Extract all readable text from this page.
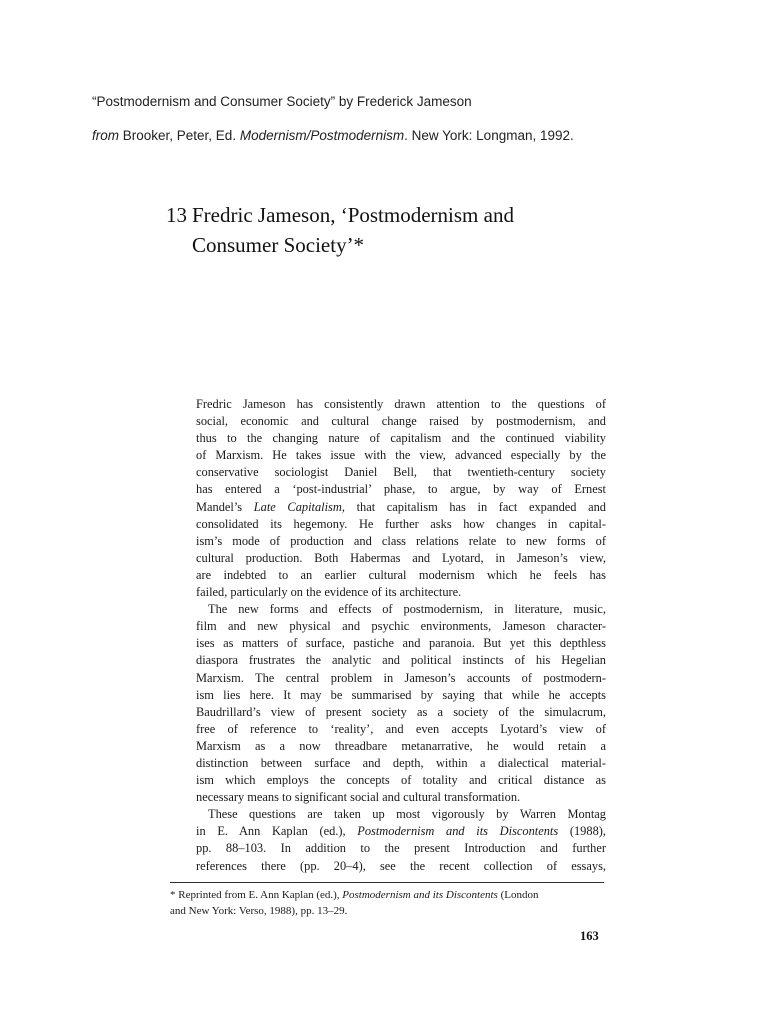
“Postmodernism and Consumer Society” by Frederick Jameson
from Brooker, Peter, Ed. Modernism/Postmodernism. New York: Longman, 1992.
13 Fredric Jameson, ‘Postmodernism and
Consumer Society’*
Fredric Jameson has consistently drawn attention to the questions of
social, economic and cultural change raised by postmodernism, and
thus to the changing nature of capitalism and the continued viability
of Marxism. He takes issue with the view, advanced especially by the
conservative sociologist Daniel Bell, that twentieth-century society
has entered a ‘post-industrial’ phase, to argue, by way of Ernest
Mandel’s Late Capitalism, that capitalism has in fact expanded and
consolidated its hegemony. He further asks how changes in capital-
ism’s mode of production and class relations relate to new forms of
cultural production. Both Habermas and Lyotard, in Jameson’s view,
are indebted to an earlier cultural modernism which he feels has
failed, particularly on the evidence of its architecture.
The new forms and effects of postmodernism, in literature, music,
film and new physical and psychic environments, Jameson character-
ises as matters of surface, pastiche and paranoia. But yet this depthless
diaspora frustrates the analytic and political instincts of his Hegelian
Marxism. The central problem in Jameson’s accounts of postmodern-
ism lies here. It may be summarised by saying that while he accepts
Baudrillard’s view of present society as a society of the simulacrum,
free of reference to ‘reality’, and even accepts Lyotard’s view of
Marxism as a now threadbare metanarrative, he would retain a
distinction between surface and depth, within a dialectical material-
ism which employs the concepts of totality and critical distance as
necessary means to significant social and cultural transformation.
These questions are taken up most vigorously by Warren Montag
in E. Ann Kaplan (ed.), Postmodernism and its Discontents (1988),
pp. 88–103. In addition to the present Introduction and further
references there (pp. 20–4), see the recent collection of essays,
* Reprinted from E. Ann Kaplan (ed.), Postmodernism and its Discontents (London
and New York: Verso, 1988), pp. 13–29.
163
